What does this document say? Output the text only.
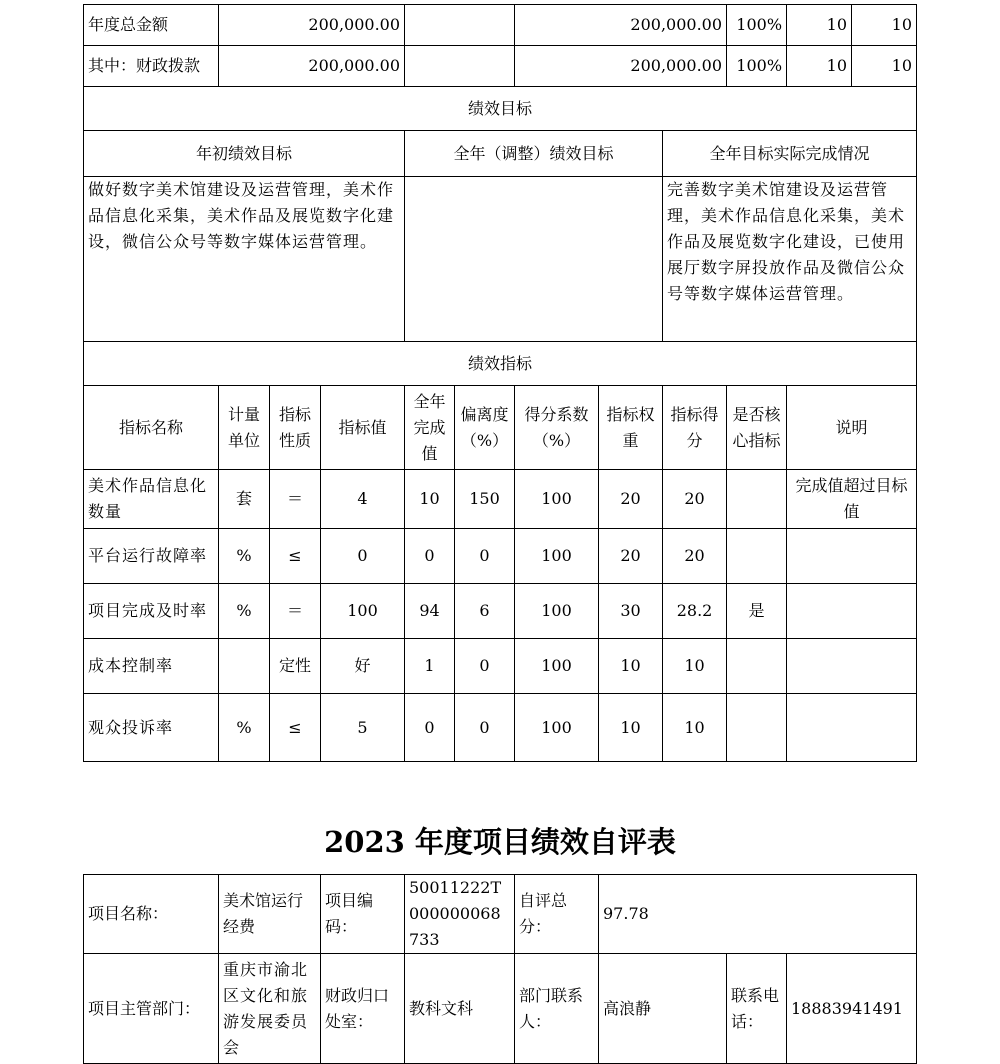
年度总金额	200,000.00					200,000.00			100%	10 10

其中：财政拨款	200,000.00					200,000.00			100%	10 10

绩效目标										
年初绩效目标				全年（调整）绩效目标				全年目标实际完成情况		
做好数字美术馆建设及运营管理，美术作品信息化采集，美术作品及展览数字化建设，微信公众号等数字媒体运营管理。								完善数字美术馆建设及运营管理，美术作品信息化采集，美术作品及展览数字化建设，已使用展厅数字屏投放作品及微信公众号等数字媒体运营管理。		
绩效指标										
指标名称	计量单位	指标性质	指标值	全年完成值	偏离度（%）	得分系数（%）	指标权重	指标得分	是否核心指标	说明
美术作品信息化数量	套	＝	4	10	150	100	20	20		完成值超过目标值
平台运行故障率	%	≤	0	0	0	100	20	20		
项目完成及时率	%	＝	100	94	6	100	30	28.2	是	
成本控制率		定性	好	1	0	100	10	10		
观众投诉率	%	≤	5	0	0	100	10	10		
2023 年度项目绩效自评表
项目名称：	美术馆运行经费	项目编码：	50011222T000000068733	自评总分：	97.78		
项目主管部门：	重庆市渝北区文化和旅游发展委员会	财政归口处室：	教科文科	部门联系人：	高浪静	联系电话：	18883941491
